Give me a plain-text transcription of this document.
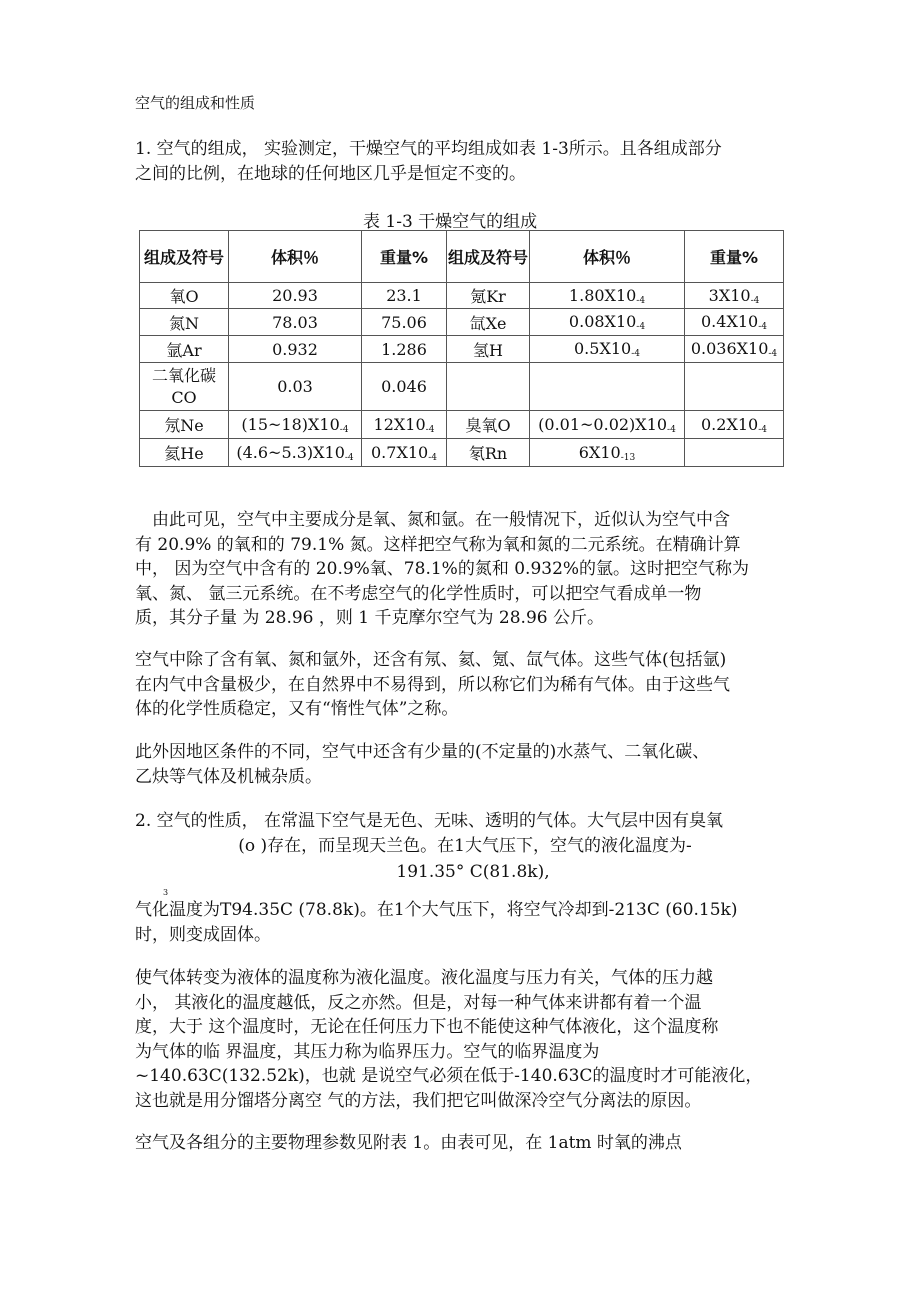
空气的组成和性质
1. 空气的组成， 实验测定，干燥空气的平均组成如表 1-3所示。且各组成部分
之间的比例，在地球的任何地区几乎是恒定不变的。
表 1-3 干燥空气的组成
组成及符号	体积％	重量%	组成及符号	体积％	重量%
氧O	20.93	23.1	氪Kr	$1.80X10_{-4}$	$3X10_{-4}$
氮N	78.03	75.06	氙Xe	$0.08X10_{-4}$	$0.4X10_{-4}$
氩Ar	0.932	1.286	氢H	$0.5X10_{-4}$	$0.036X10_{-4}$
二氧化碳
CO	0.03	0.046			
氖Ne	$(15\sim 18)X10_{-4}$	$12X10_{-4}$	臭氧O	$(0.01\sim 0.02)X10_{-4}$	$0.2X10_{-4}$
氦He	$(4.6\sim 5.3)X10_{-4}$	$0.7X10_{-4}$	氡Rn	$6X10_{-13}$	
由此可见，空气中主要成分是氧、氮和氩。在一般情况下，近似认为空气中含
有 20.9% 的氧和的 79.1% 氮。这样把空气称为氧和氮的二元系统。在精确计算
中， 因为空气中含有的 20.9%氧、78.1%的氮和 0.932%的氩。这时把空气称为
氧、氮、 氩三元系统。在不考虑空气的化学性质时，可以把空气看成单一物
质，其分子量 为 28.96 ，则 1 千克摩尔空气为 28.96 公斤。
空气中除了含有氧、氮和氩外，还含有氖、氦、氪、氙气体。这些气体(包括氩)
在内气中含量极少，在自然界中不易得到，所以称它们为稀有气体。由于这些气
体的化学性质稳定，又有“惰性气体”之称。
此外因地区条件的不同，空气中还含有少量的(不定量的)水蒸气、二氧化碳、
乙炔等气体及机械杂质。
2. 空气的性质， 在常温下空气是无色、无味、透明的气体。大气层中因有臭氧
(o )存在，而呈现天兰色。在1大气压下，空气的液化温度为-
191.35° C(81.8k),
3
气化温度为T94.35C (78.8k)。在1个大气压下，将空气冷却到-213C (60.15k)
时，则变成固体。
使气体转变为液体的温度称为液化温度。液化温度与压力有关，气体的压力越
小， 其液化的温度越低，反之亦然。但是，对每一种气体来讲都有着一个温
度，大于 这个温度时，无论在任何压力下也不能使这种气体液化，这个温度称
为气体的临 界温度，其压力称为临界压力。空气的临界温度为
~140.63C(132.52k)，也就 是说空气必须在低于-140.63C的温度时才可能液化，
这也就是用分馏塔分离空 气的方法，我们把它叫做深冷空气分离法的原因。
空气及各组分的主要物理参数见附表 1。由表可见，在 1atm 时氧的沸点
